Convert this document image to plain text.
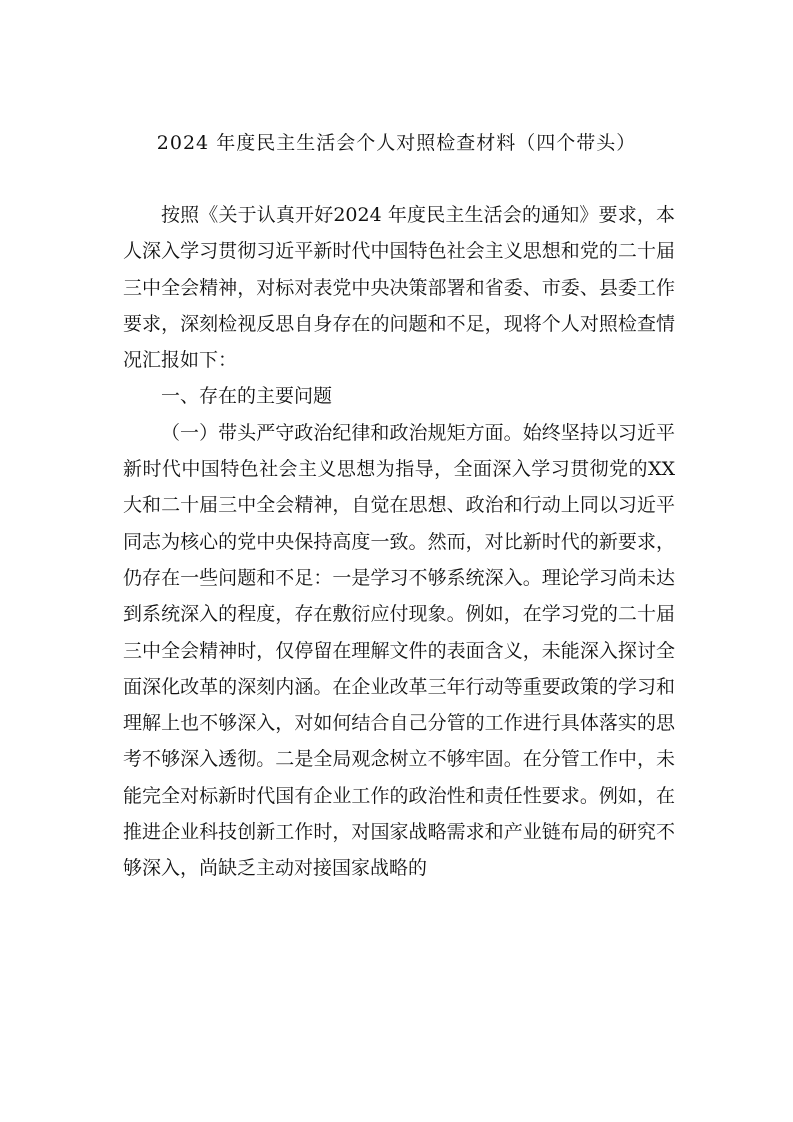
2024 年度民主生活会个人对照检查材料（四个带头）

按照《关于认真开好2024 年度民主生活会的通知》要求，本人深入学习贯彻习近平新时代中国特色社会主义思想和党的二十届三中全会精神，对标对表党中央决策部署和省委、市委、县委工作要求，深刻检视反思自身存在的问题和不足，现将个人对照检查情况汇报如下：

一、存在的主要问题

（一）带头严守政治纪律和政治规矩方面。始终坚持以习近平新时代中国特色社会主义思想为指导，全面深入学习贯彻党的XX 大和二十届三中全会精神，自觉在思想、政治和行动上同以习近平同志为核心的党中央保持高度一致。然而，对比新时代的新要求，仍存在一些问题和不足：一是学习不够系统深入。理论学习尚未达到系统深入的程度，存在敷衍应付现象。例如，在学习党的二十届三中全会精神时，仅停留在理解文件的表面含义，未能深入探讨全面深化改革的深刻内涵。在企业改革三年行动等重要政策的学习和理解上也不够深入，对如何结合自己分管的工作进行具体落实的思考不够深入透彻。二是全局观念树立不够牢固。在分管工作中，未能完全对标新时代国有企业工作的政治性和责任性要求。例如，在推进企业科技创新工作时，对国家战略需求和产业链布局的研究不够深入，尚缺乏主动对接国家战略的
